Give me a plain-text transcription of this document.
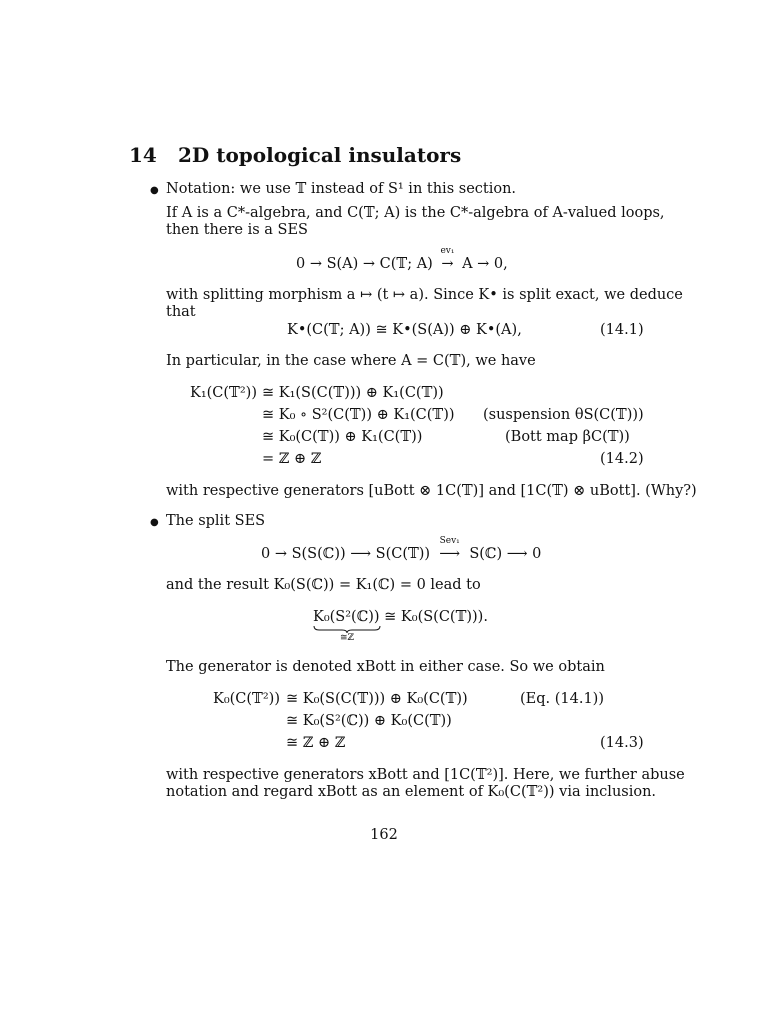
14 2D topological insulators
● Notation: we use 𝕋 instead of S¹ in this section.
If A is a C*-algebra, and C(𝕋; A) is the C*-algebra of A-valued loops,
then there is a SES
0 → S(A) → C(𝕋; A)
ev₁
→ A → 0,
with splitting morphism a ↦ (t ↦ a). Since K• is split exact, we deduce
that
K•(C(𝕋; A)) ≅ K•(S(A)) ⊕ K•(A),	(14.1)
In particular, in the case where A = C(𝕋), we have
K₁(C(𝕋²)) ≅ K₁(S(C(𝕋))) ⊕ K₁(C(𝕋))
≅ K₀ ∘ S²(C(𝕋)) ⊕ K₁(C(𝕋)) (suspension θS(C(𝕋)))
≅ K₀(C(𝕋)) ⊕ K₁(C(𝕋))	(Bott map βC(𝕋))
= ℤ ⊕ ℤ	(14.2)
with respective generators [uBott ⊗ 1C(𝕋)] and [1C(𝕋) ⊗ uBott]. (Why?)
● The split SES
0 → S(S(ℂ)) ⟶ S(C(𝕋))
Sev₁
⟶ S(ℂ) ⟶ 0
and the result K₀(S(ℂ)) = K₁(ℂ) = 0 lead to
K₀(S²(ℂ))
≅ℤ
≅ K₀(S(C(𝕋))).
The generator is denoted xBott in either case. So we obtain
K₀(C(𝕋²)) ≅ K₀(S(C(𝕋))) ⊕ K₀(C(𝕋))	(Eq. (14.1))
≅ K₀(S²(ℂ)) ⊕ K₀(C(𝕋))
≅ ℤ ⊕ ℤ	(14.3)
with respective generators xBott and [1C(𝕋²)]. Here, we further abuse
notation and regard xBott as an element of K₀(C(𝕋²)) via inclusion.
162
